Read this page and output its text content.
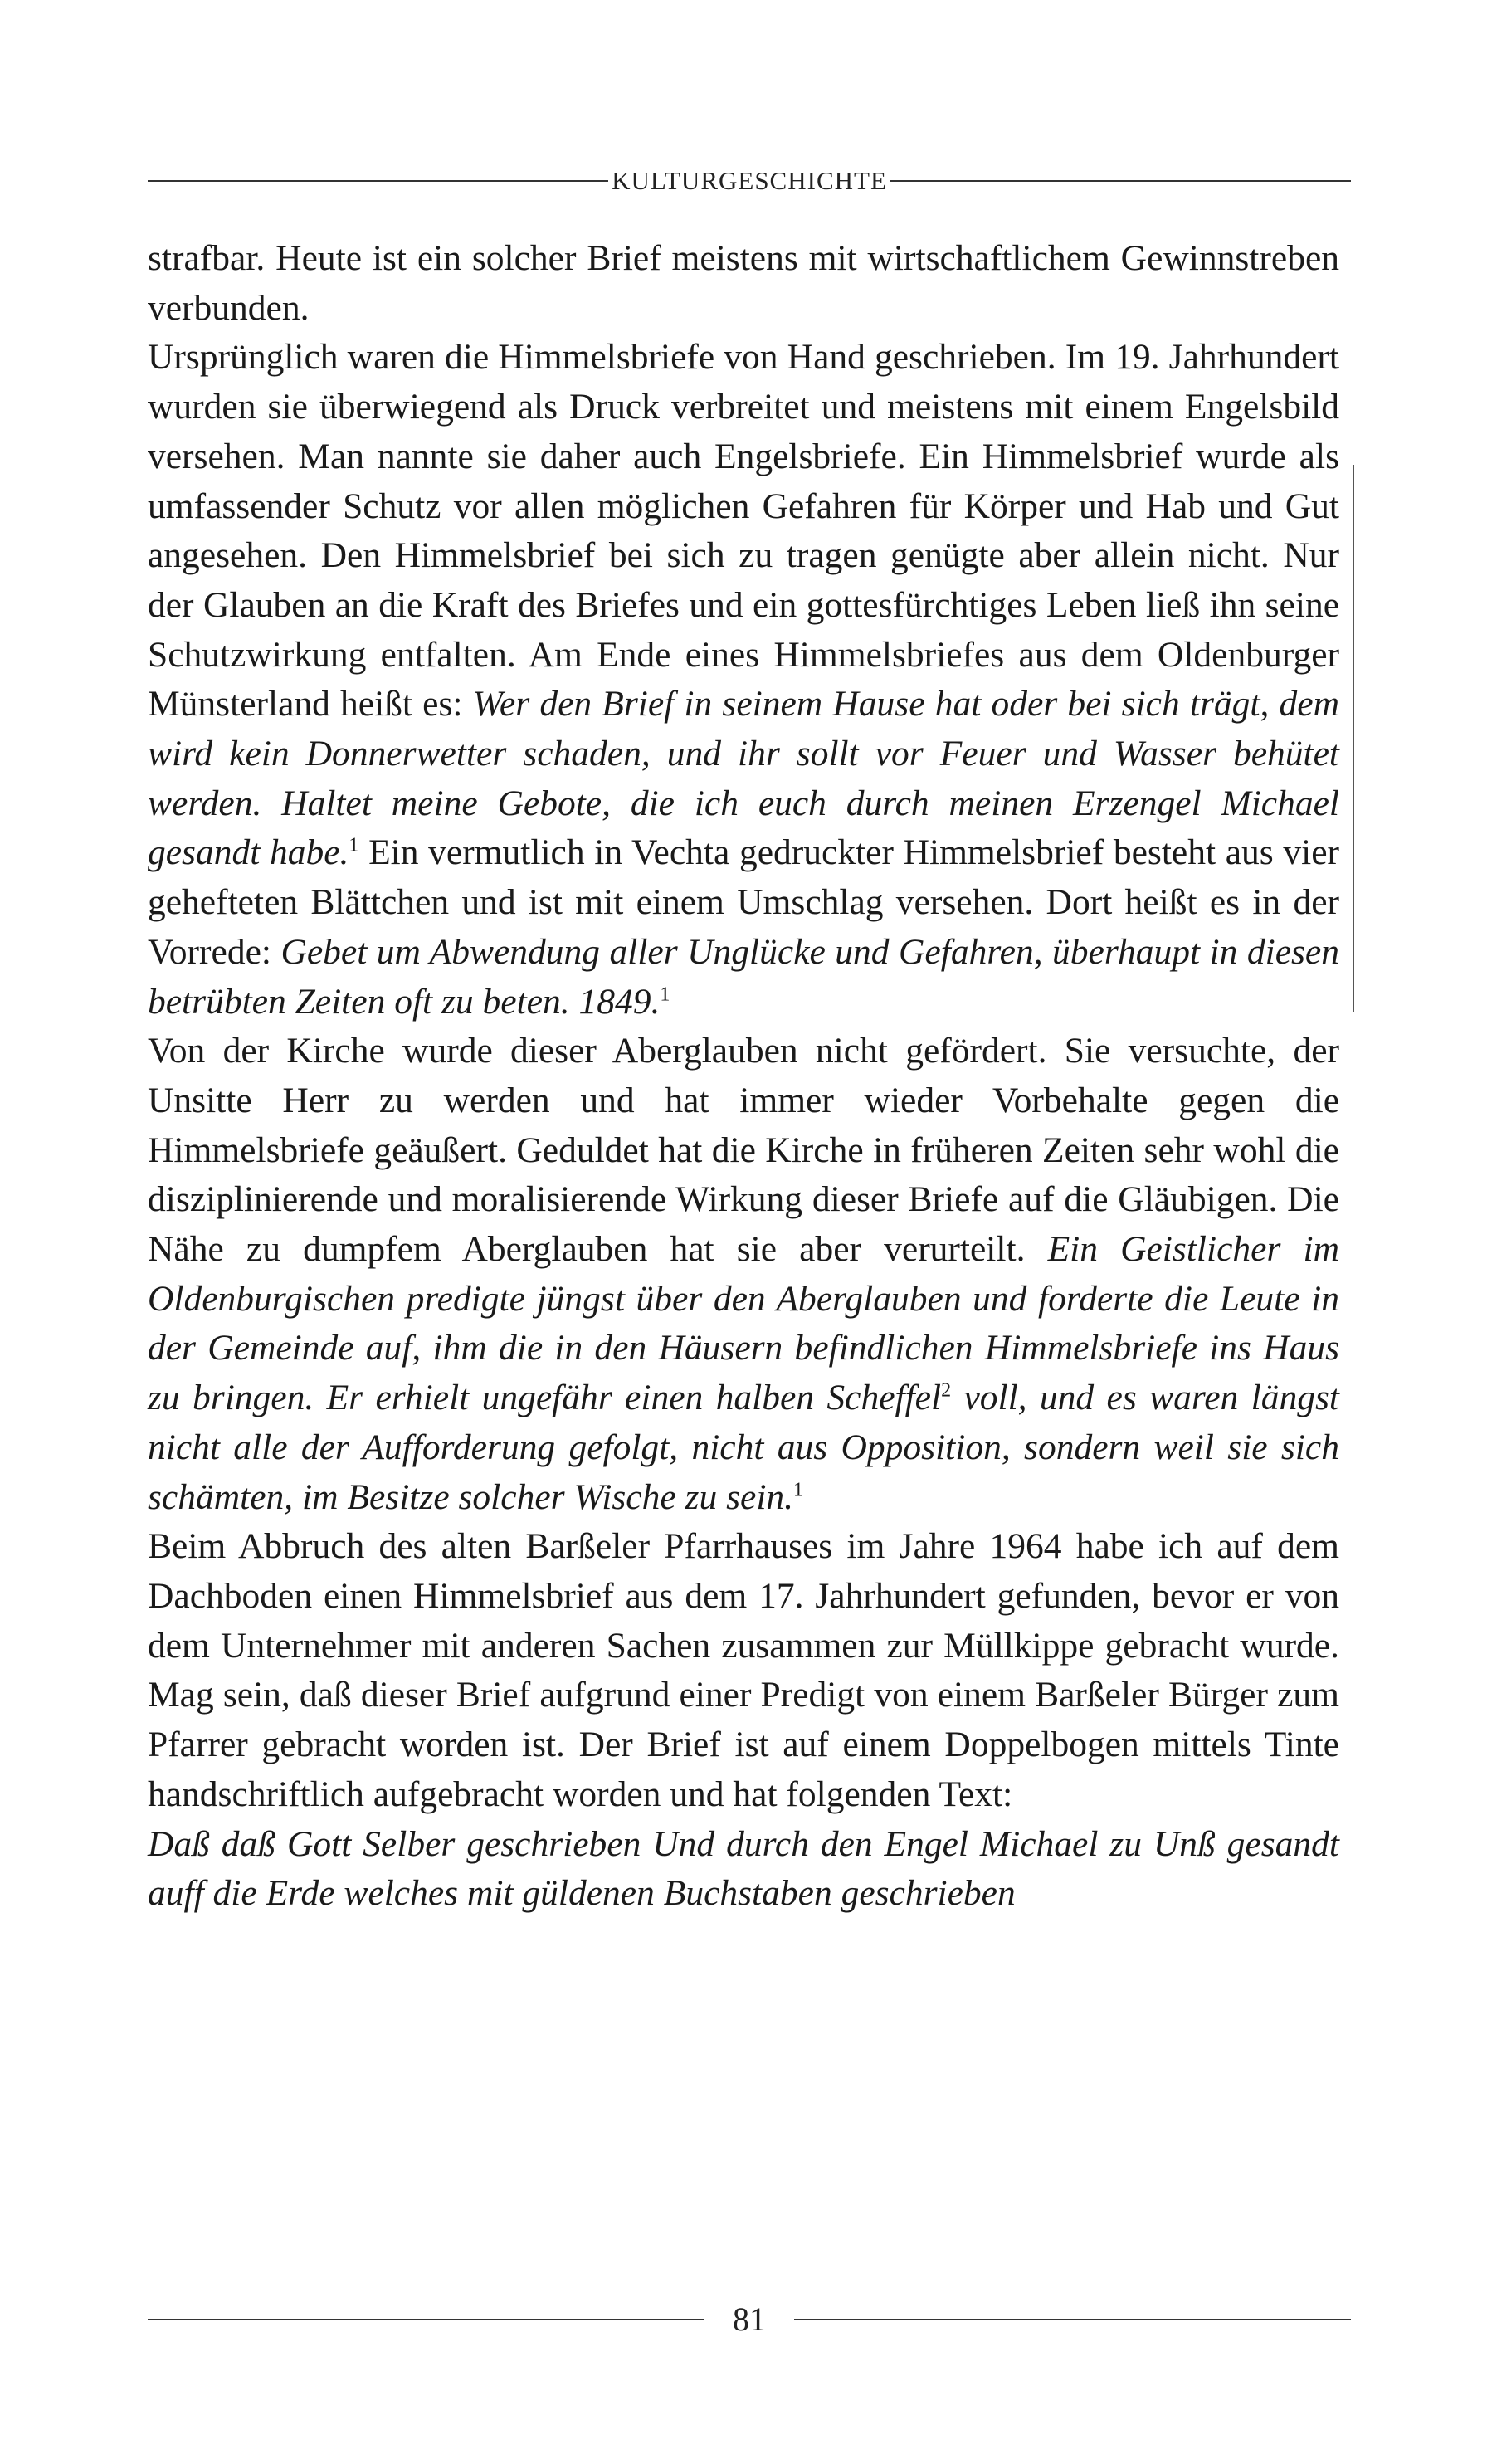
KULTURGESCHICHTE

strafbar. Heute ist ein solcher Brief meistens mit wirtschaftlichem Gewinnstreben verbunden.

Ursprünglich waren die Himmelsbriefe von Hand geschrieben. Im 19. Jahrhundert wurden sie überwiegend als Druck verbreitet und meistens mit einem Engelsbild versehen. Man nannte sie daher auch Engelsbriefe. Ein Himmelsbrief wurde als umfassender Schutz vor allen möglichen Gefahren für Körper und Hab und Gut angesehen. Den Himmelsbrief bei sich zu tragen genügte aber allein nicht. Nur der Glauben an die Kraft des Briefes und ein gottesfürchtiges Leben ließ ihn seine Schutzwirkung entfalten. Am Ende eines Himmelsbriefes aus dem Oldenburger Münsterland heißt es: Wer den Brief in seinem Hause hat oder bei sich trägt, dem wird kein Donnerwetter schaden, und ihr sollt vor Feuer und Wasser behütet werden. Haltet meine Gebote, die ich euch durch meinen Erzengel Michael gesandt habe.$^1$ Ein vermutlich in Vechta gedruckter Himmelsbrief besteht aus vier gehefteten Blättchen und ist mit einem Umschlag versehen. Dort heißt es in der Vorrede: Gebet um Abwendung aller Unglücke und Gefahren, überhaupt in diesen betrübten Zeiten oft zu beten. 1849.$^1$

Von der Kirche wurde dieser Aberglauben nicht gefördert. Sie versuchte, der Unsitte Herr zu werden und hat immer wieder Vorbehalte gegen die Himmelsbriefe geäußert. Geduldet hat die Kirche in früheren Zeiten sehr wohl die disziplinierende und moralisierende Wirkung dieser Briefe auf die Gläubigen. Die Nähe zu dumpfem Aberglauben hat sie aber verurteilt. Ein Geistlicher im Oldenburgischen predigte jüngst über den Aberglauben und forderte die Leute in der Gemeinde auf, ihm die in den Häusern befindlichen Himmelsbriefe ins Haus zu bringen. Er erhielt ungefähr einen halben Scheffel$^2$ voll, und es waren längst nicht alle der Aufforderung gefolgt, nicht aus Opposition, sondern weil sie sich schämten, im Besitze solcher Wische zu sein.$^1$

Beim Abbruch des alten Barßeler Pfarrhauses im Jahre 1964 habe ich auf dem Dachboden einen Himmelsbrief aus dem 17. Jahrhundert gefunden, bevor er von dem Unternehmer mit anderen Sachen zusammen zur Müllkippe gebracht wurde. Mag sein, daß dieser Brief aufgrund einer Predigt von einem Barßeler Bürger zum Pfarrer gebracht worden ist. Der Brief ist auf einem Doppelbogen mittels Tinte handschriftlich aufgebracht worden und hat folgenden Text:

Daß daß Gott Selber geschrieben Und durch den Engel Michael zu Unß gesandt auff die Erde welches mit güldenen Buchstaben geschrieben

81
